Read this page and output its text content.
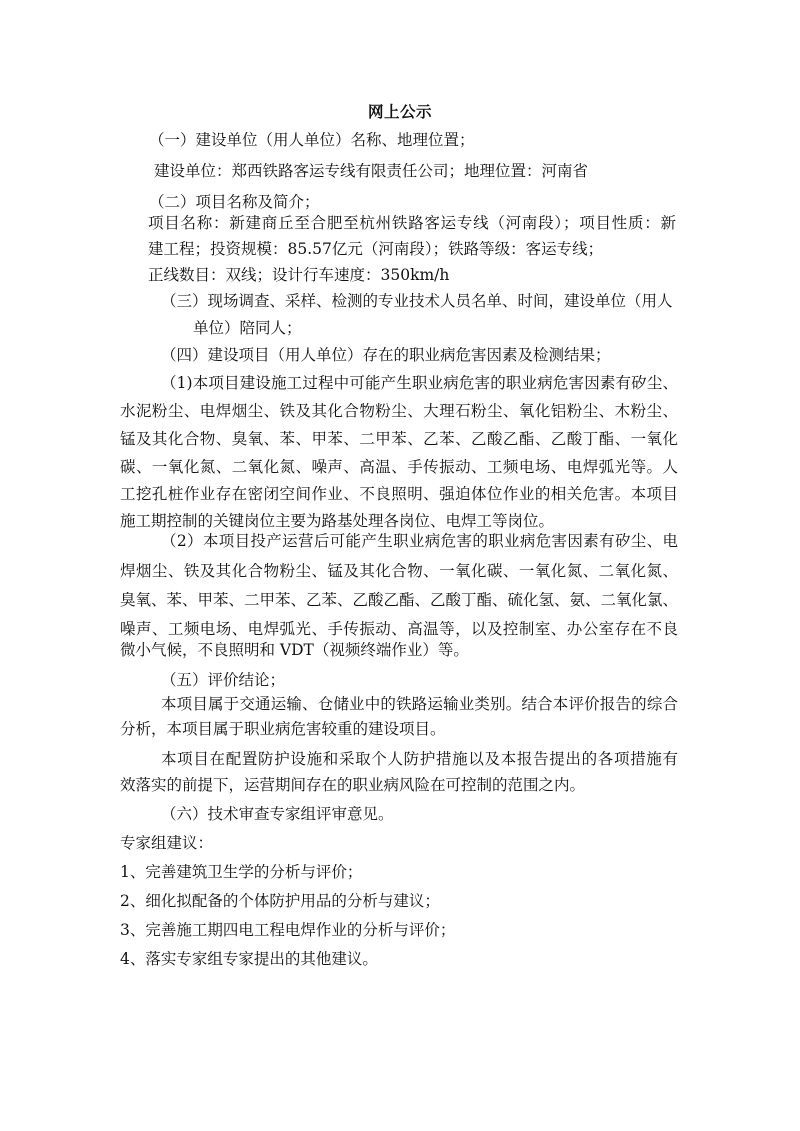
网上公示
（一）建设单位（用人单位）名称、地理位置；
建设单位：郑西铁路客运专线有限责任公司；地理位置：河南省
（二）项目名称及简介；
项目名称：新建商丘至合肥至杭州铁路客运专线（河南段）；项目性质：新
建工程；投资规模：85.57亿元（河南段）；铁路等级：客运专线；
正线数目：双线；设计行车速度：350km/h
（三）现场调查、采样、检测的专业技术人员名单、时间，建设单位（用人
单位）陪同人；
（四）建设项目（用人单位）存在的职业病危害因素及检测结果；
（1)本项目建设施工过程中可能产生职业病危害的职业病危害因素有矽尘、
水泥粉尘、电焊烟尘、铁及其化合物粉尘、大理石粉尘、氧化铝粉尘、木粉尘、
锰及其化合物、臭氧、苯、甲苯、二甲苯、乙苯、乙酸乙酯、乙酸丁酯、一氧化
碳、一氧化氮、二氧化氮、噪声、高温、手传振动、工频电场、电焊弧光等。人
工挖孔桩作业存在密闭空间作业、不良照明、强迫体位作业的相关危害。本项目
施工期控制的关键岗位主要为路基处理各岗位、电焊工等岗位。
（2）本项目投产运营后可能产生职业病危害的职业病危害因素有矽尘、电
焊烟尘、铁及其化合物粉尘、锰及其化合物、一氧化碳、一氧化氮、二氧化氮、
臭氧、苯、甲苯、二甲苯、乙苯、乙酸乙酯、乙酸丁酯、硫化氢、氨、二氧化氯、
噪声、工频电场、电焊弧光、手传振动、高温等，以及控制室、办公室存在不良
微小气候，不良照明和 VDT（视频终端作业）等。
（五）评价结论；
本项目属于交通运输、仓储业中的铁路运输业类别。结合本评价报告的综合
分析，本项目属于职业病危害较重的建设项目。
本项目在配置防护设施和采取个人防护措施以及本报告提出的各项措施有
效落实的前提下，运营期间存在的职业病风险在可控制的范围之内。
（六）技术审查专家组评审意见。
专家组建议：
1、完善建筑卫生学的分析与评价；
2、细化拟配备的个体防护用品的分析与建议；
3、完善施工期四电工程电焊作业的分析与评价；
4、落实专家组专家提出的其他建议。
